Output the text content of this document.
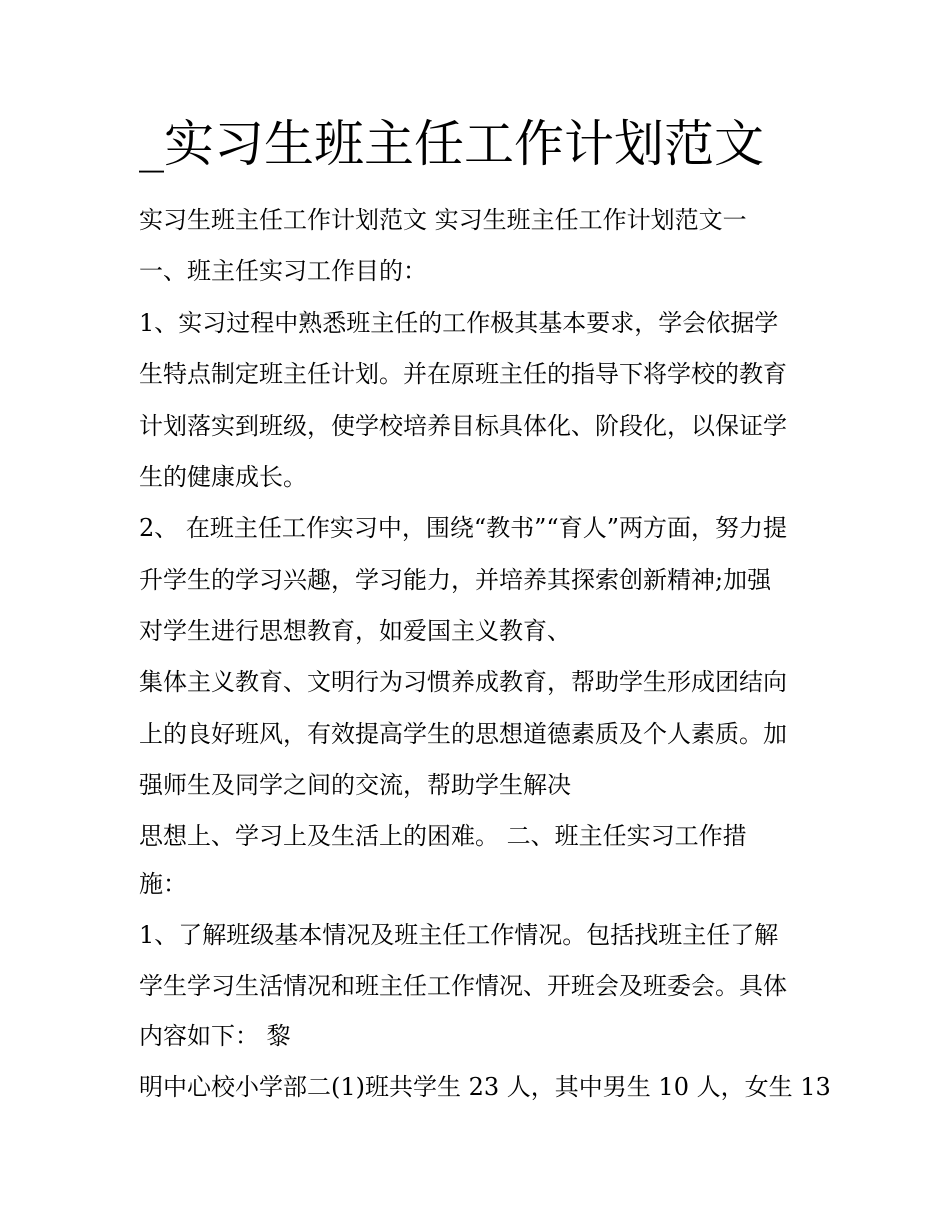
_实习生班主任工作计划范文

实习生班主任工作计划范文 实习生班主任工作计划范文一

一、班主任实习工作目的：

1、实习过程中熟悉班主任的工作极其基本要求，学会依据学

生特点制定班主任计划。并在原班主任的指导下将学校的教育

计划落实到班级，使学校培养目标具体化、阶段化，以保证学

生的健康成长。

2、 在班主任工作实习中，围绕“教书”“育人”两方面，努力提

升学生的学习兴趣，学习能力，并培养其探索创新精神;加强

对学生进行思想教育，如爱国主义教育、

集体主义教育、文明行为习惯养成教育，帮助学生形成团结向

上的良好班风，有效提高学生的思想道德素质及个人素质。加

强师生及同学之间的交流，帮助学生解决

思想上、学习上及生活上的困难。 二、班主任实习工作措

施：

1、了解班级基本情况及班主任工作情况。包括找班主任了解

学生学习生活情况和班主任工作情况、开班会及班委会。具体

内容如下： 黎

明中心校小学部二(1)班共学生 23 人，其中男生 10 人，女生 13
